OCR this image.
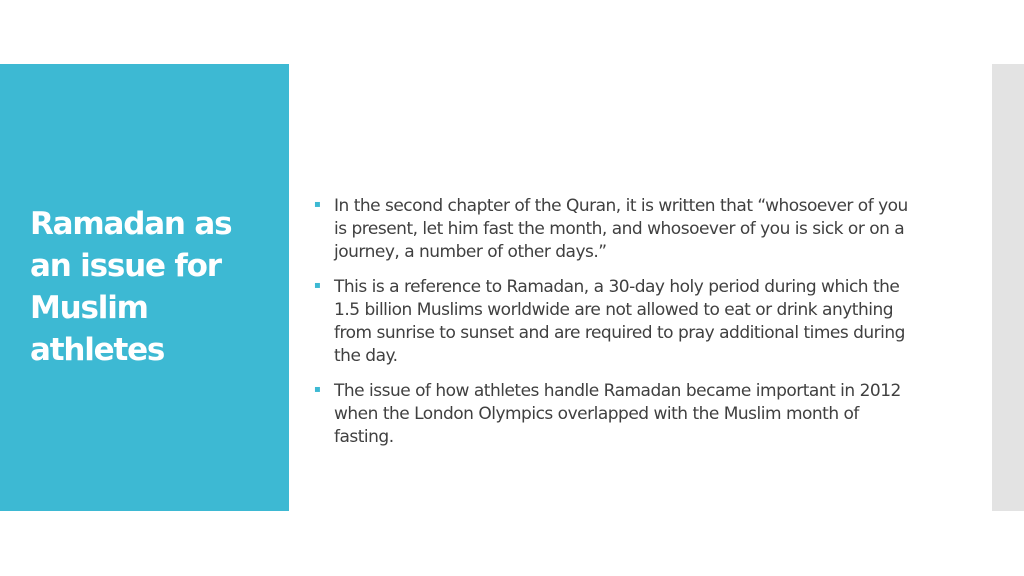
Ramadan as an issue for Muslim athletes
▪ In the second chapter of the Quran, it is written that “whosoever of you is present, let him fast the month, and whosoever of you is sick or on a journey, a number of other days.”
▪ This is a reference to Ramadan, a 30-day holy period during which the 1.5 billion Muslims worldwide are not allowed to eat or drink anything from sunrise to sunset and are required to pray additional times during the day.
▪ The issue of how athletes handle Ramadan became important in 2012 when the London Olympics overlapped with the Muslim month of fasting.
